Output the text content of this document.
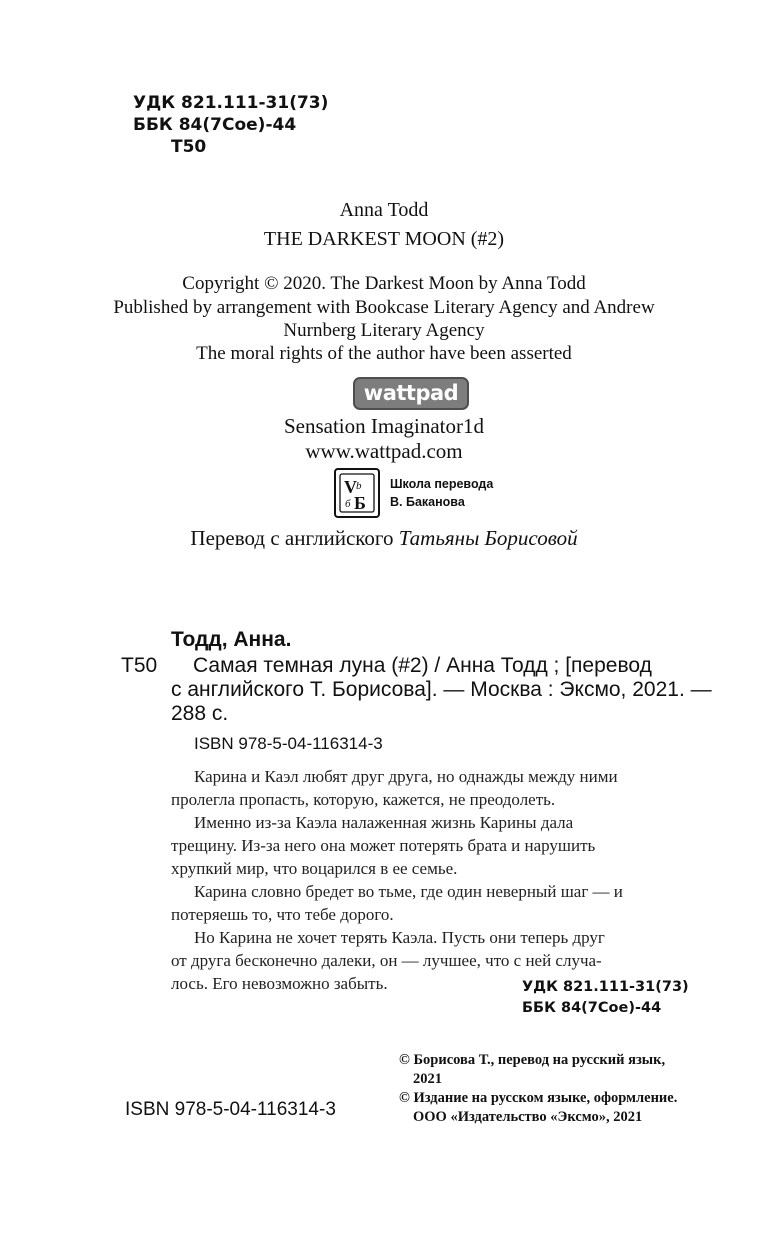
УДК 821.111-31(73)
ББК 84(7Сое)-44
Т50
Anna Todd
THE DARKEST MOON (#2)
Copyright © 2020. The Darkest Moon by Anna Todd
Published by arrangement with Bookcase Literary Agency and Andrew
Nurnberg Literary Agency
The moral rights of the author have been asserted
wattpad
Sensation Imaginator1d
www.wattpad.com
V b
б Б
Школа перевода
В. Баканова
Перевод с английского Татьяны Борисовой
Тодд, Анна.
Т50 Самая темная луна (#2) / Анна Тодд ; [перевод
с английского Т. Борисова]. — Москва : Эксмо, 2021. —
288 с.
ISBN 978-5-04-116314-3
Карина и Каэл любят друг друга, но однажды между ними
пролегла пропасть, которую, кажется, не преодолеть.
Именно из-за Каэла налаженная жизнь Карины дала
трещину. Из-за него она может потерять брата и нарушить
хрупкий мир, что воцарился в ее семье.
Карина словно бредет во тьме, где один неверный шаг — и
потеряешь то, что тебе дорого.
Но Карина не хочет терять Каэла. Пусть они теперь друг
от друга бесконечно далеки, он — лучшее, что с ней случа-
лось. Его невозможно забыть.	УДК 821.111-31(73)
ББК 84(7Сое)-44
© Борисова Т., перевод на русский язык,
2021
© Издание на русском языке, оформление.
ООО «Издательство «Эксмо», 2021
ISBN 978-5-04-116314-3
